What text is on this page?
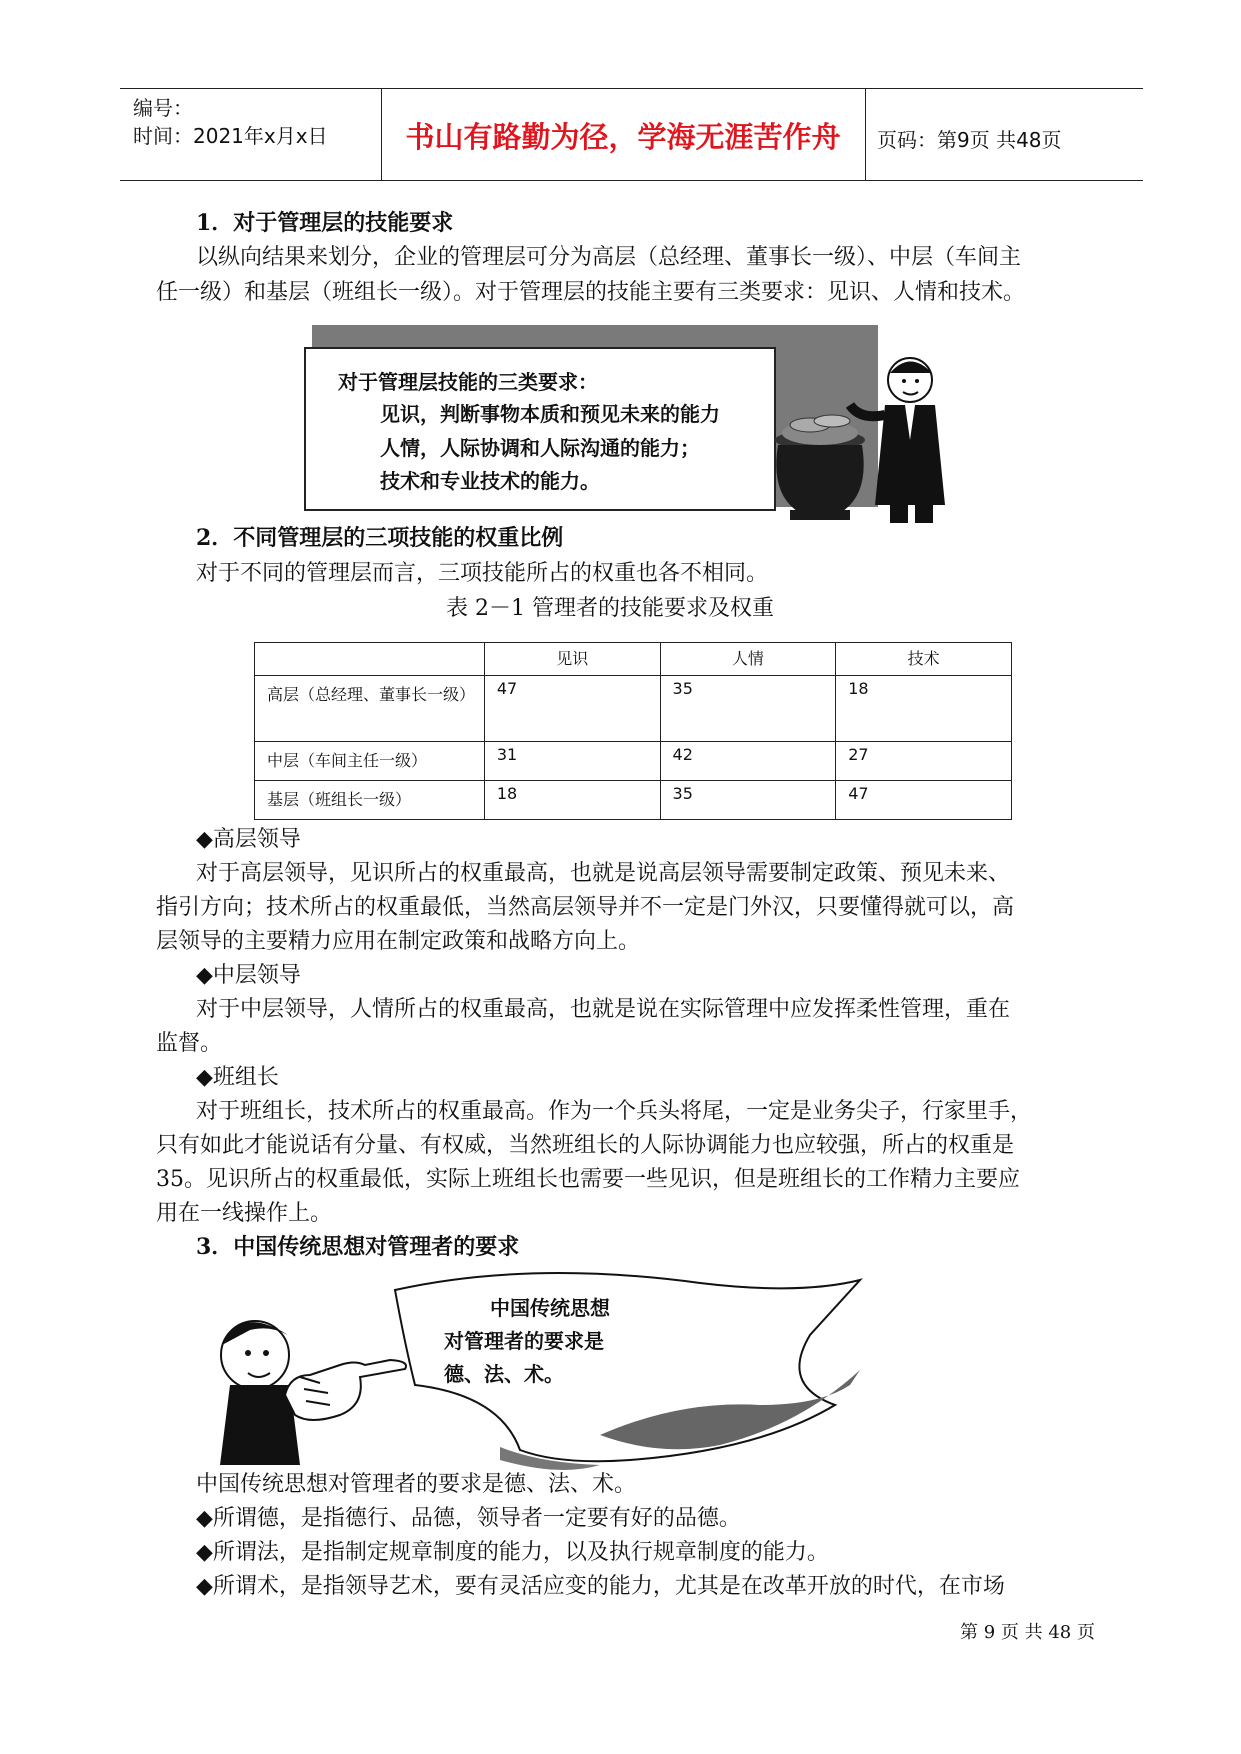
编号：
时间：2021年x月x日	书山有路勤为径，学海无涯苦作舟	页码：第9页 共48页
1．对于管理层的技能要求
以纵向结果来划分，企业的管理层可分为高层（总经理、董事长一级）、中层（车间主
任一级）和基层（班组长一级）。对于管理层的技能主要有三类要求：见识、人情和技术。
对于管理层技能的三类要求：
见识，判断事物本质和预见未来的能力
人情，人际协调和人际沟通的能力；
技术和专业技术的能力。
2．不同管理层的三项技能的权重比例
对于不同的管理层而言，三项技能所占的权重也各不相同。
表 2－1 管理者的技能要求及权重
	见识	人情	技术
高层（总经理、董事长一级）	47	35	18
中层（车间主任一级）	31	42	27
基层（班组长一级）	18	35	47
◆高层领导
对于高层领导，见识所占的权重最高，也就是说高层领导需要制定政策、预见未来、
指引方向；技术所占的权重最低，当然高层领导并不一定是门外汉，只要懂得就可以，高
层领导的主要精力应用在制定政策和战略方向上。
◆中层领导
对于中层领导，人情所占的权重最高，也就是说在实际管理中应发挥柔性管理，重在
监督。
◆班组长
对于班组长，技术所占的权重最高。作为一个兵头将尾，一定是业务尖子，行家里手，
只有如此才能说话有分量、有权威，当然班组长的人际协调能力也应较强，所占的权重是
35。见识所占的权重最低，实际上班组长也需要一些见识，但是班组长的工作精力主要应
用在一线操作上。
3．中国传统思想对管理者的要求
中国传统思想
对管理者的要求是
德、法、术。
中国传统思想对管理者的要求是德、法、术。
◆所谓德，是指德行、品德，领导者一定要有好的品德。
◆所谓法，是指制定规章制度的能力，以及执行规章制度的能力。
◆所谓术，是指领导艺术，要有灵活应变的能力，尤其是在改革开放的时代，在市场
第 9 页 共 48 页
